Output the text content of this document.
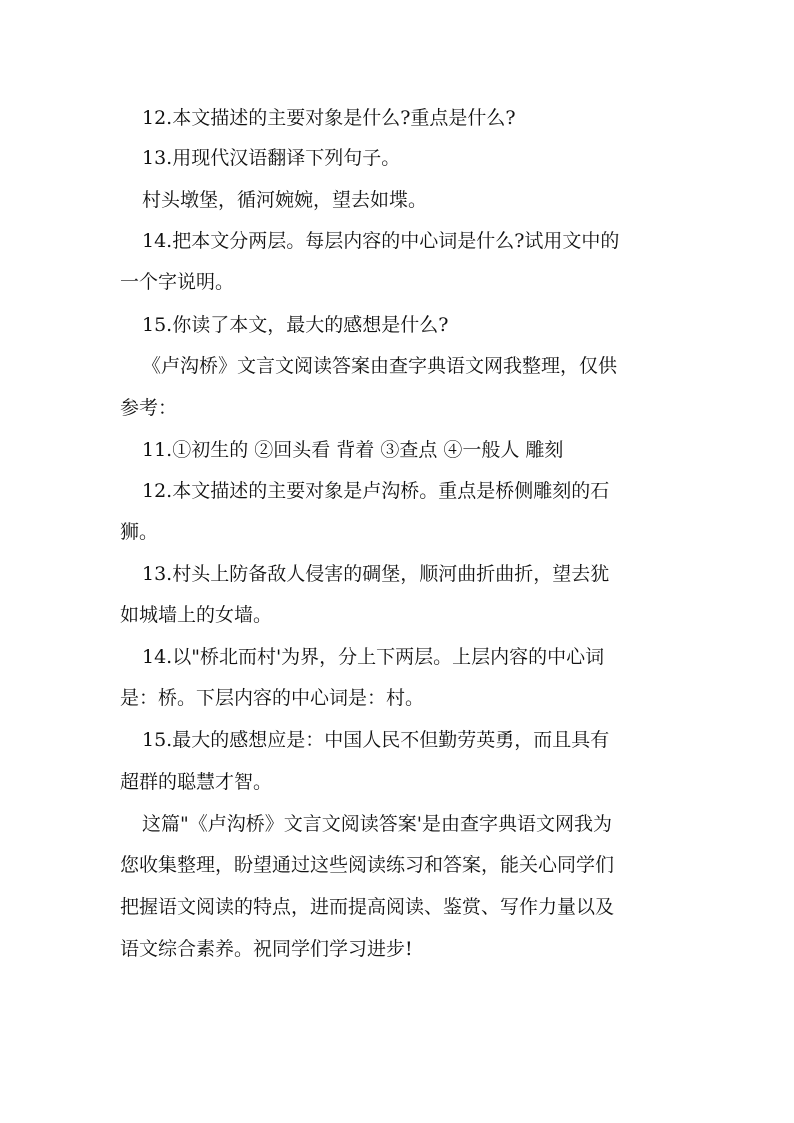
12.本文描述的主要对象是什么?重点是什么?
13.用现代汉语翻译下列句子。
村头墩堡，循河婉婉，望去如堞。
14.把本文分两层。每层内容的中心词是什么?试用文中的
一个字说明。
15.你读了本文，最大的感想是什么?
《卢沟桥》文言文阅读答案由查字典语文网我整理，仅供
参考：
11.①初生的 ②回头看 背着 ③查点 ④一般人 雕刻
12.本文描述的主要对象是卢沟桥。重点是桥侧雕刻的石
狮。
13.村头上防备敌人侵害的碉堡，顺河曲折曲折，望去犹
如城墙上的女墙。
14.以"桥北而村'为界，分上下两层。上层内容的中心词
是：桥。下层内容的中心词是：村。
15.最大的感想应是：中国人民不但勤劳英勇，而且具有
超群的聪慧才智。
这篇"《卢沟桥》文言文阅读答案'是由查字典语文网我为
您收集整理，盼望通过这些阅读练习和答案，能关心同学们
把握语文阅读的特点，进而提高阅读、鉴赏、写作力量以及
语文综合素养。祝同学们学习进步!
